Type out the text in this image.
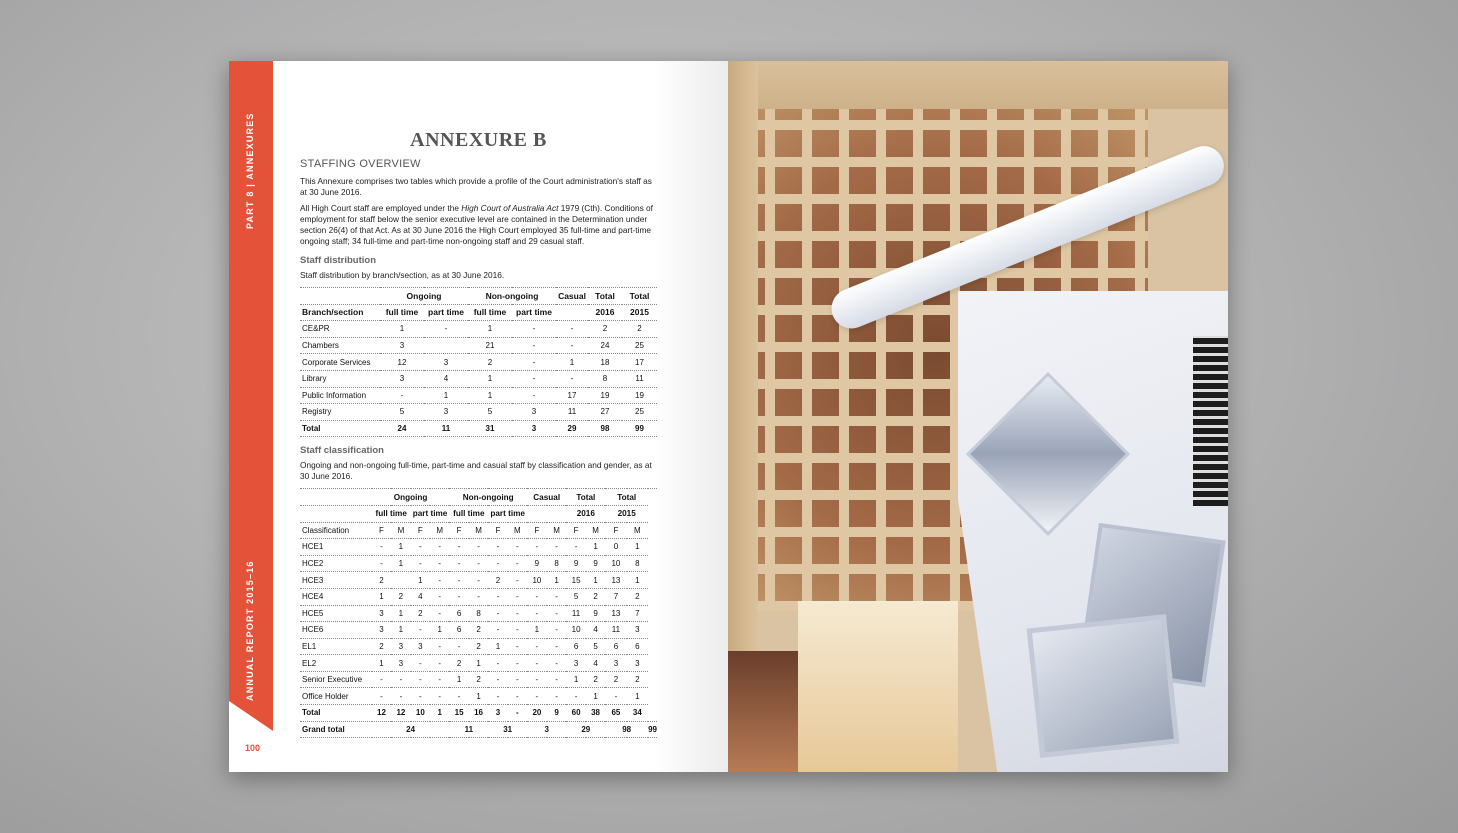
PART 8 | ANNEXURES
ANNUAL REPORT 2015–16
100
ANNEXURE B
STAFFING OVERVIEW

This Annexure comprises two tables which provide a profile of the Court administration's staff as at 30 June 2016.

All High Court staff are employed under the High Court of Australia Act 1979 (Cth). Conditions of employment for staff below the senior executive level are contained in the Determination under section 26(4) of that Act. As at 30 June 2016 the High Court employed 35 full-time and part-time ongoing staff; 34 full-time and part-time non-ongoing staff and 29 casual staff.

Staff distribution

Staff distribution by branch/section, as at 30 June 2016.

	Ongoing		Non-ongoing		Casual	Total	Total
Branch/section	full time	part time	full time	part time		2016	2015
CE&PR	1	-	1	-	-	2	2
Chambers	3		21	-	-	24	25
Corporate Services	12	3	2	-	1	18	17
Library	3	4	1	-	-	8	11
Public Information	-	1	1	-	17	19	19
Registry	5	3	5	3	11	27	25
Total	24	11	31	3	29	98	99
Staff classification

Ongoing and non-ongoing full-time, part-time and casual staff by classification and gender, as at 30 June 2016.

	Ongoing				Non-ongoing				Casual		Total		Total		
	full time		part time		full time		part time				2016		2015		
Classification	F	M	F	M	F	M	F	M	F	M	F	M	F	M	
HCE1	-	1	-	-	-	-	-	-	-	-	-	1	0	1	
HCE2	-	1	-	-	-	-	-	-	9	8	9	9	10	8	
HCE3	2		1	-	-	-	2	-	10	1	15	1	13	1	
HCE4	1	2	4	-	-	-	-	-	-	-	5	2	7	2	
HCE5	3	1	2	-	6	8	-	-	-	-	11	9	13	7	
HCE6	3	1	-	1	6	2	-	-	1	-	10	4	11	3	
EL1	2	3	3	-	-	2	1	-	-	-	6	5	6	6	
EL2	1	3	-	-	2	1	-	-	-	-	3	4	3	3	
Senior Executive	-	-	-	-	1	2	-	-	-	-	1	2	2	2	
Office Holder	-	-	-	-	-	1	-	-	-	-	-	1	-	1	
Total	12	12	10	1	15	16	3	-	20	9	60	38	65	34	
Grand total	24				11		31		3		29		98		99
